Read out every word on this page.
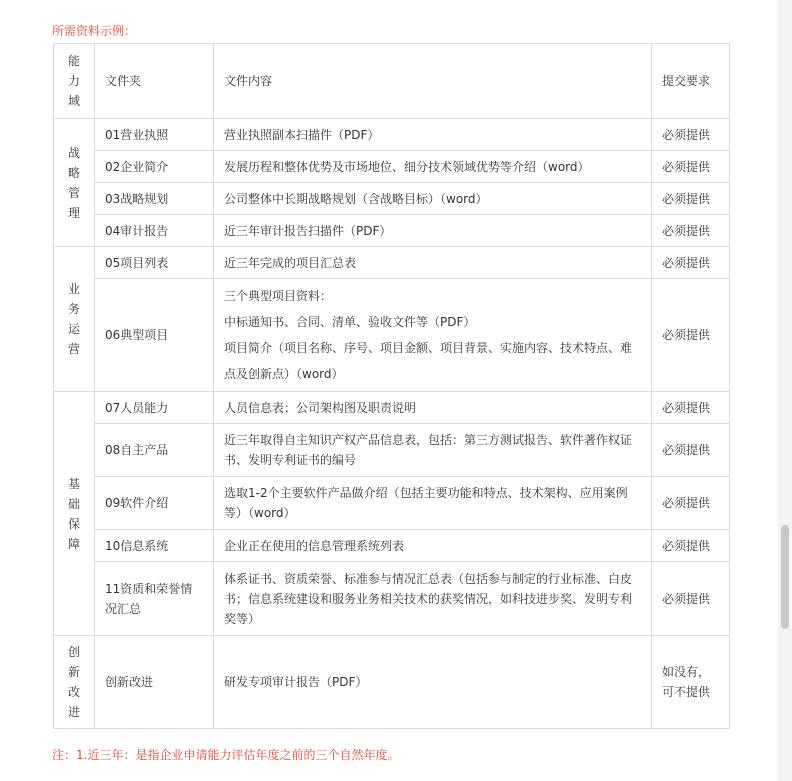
所需资料示例：
能
力
域	文件夹	文件内容	提交要求

战
略
管
理	01营业执照	营业执照副本扫描件（PDF）	必须提供
	02企业简介	发展历程和整体优势及市场地位、细分技术领域优势等介绍（word）	必须提供
	03战略规划	公司整体中长期战略规划（含战略目标）（word）	必须提供
	04审计报告	近三年审计报告扫描件（PDF）	必须提供

业
务
运
营	05项目列表	近三年完成的项目汇总表	必须提供
	06典型项目	三个典型项目资料：
中标通知书、合同、清单、验收文件等（PDF）
项目简介（项目名称、序号、项目金额、项目背景、实施内容、技术特点、难点及创新点）（word）	必须提供

基
础
保
障	07人员能力	人员信息表；公司架构图及职责说明	必须提供
	08自主产品	近三年取得自主知识产权产品信息表，包括：第三方测试报告、软件著作权证书、发明专利证书的编号	必须提供
	09软件介绍	选取1-2个主要软件产品做介绍（包括主要功能和特点、技术架构、应用案例等）（word）	必须提供
	10信息系统	企业正在使用的信息管理系统列表	必须提供
	11资质和荣誉情况汇总	体系证书、资质荣誉、标准参与情况汇总表（包括参与制定的行业标准、白皮书；信息系统建设和服务业务相关技术的获奖情况，如科技进步奖、发明专利奖等）	必须提供

创
新
改
进	创新改进	研发专项审计报告（PDF）	如没有，可不提供
注：1.近三年：是指企业申请能力评估年度之前的三个自然年度。
